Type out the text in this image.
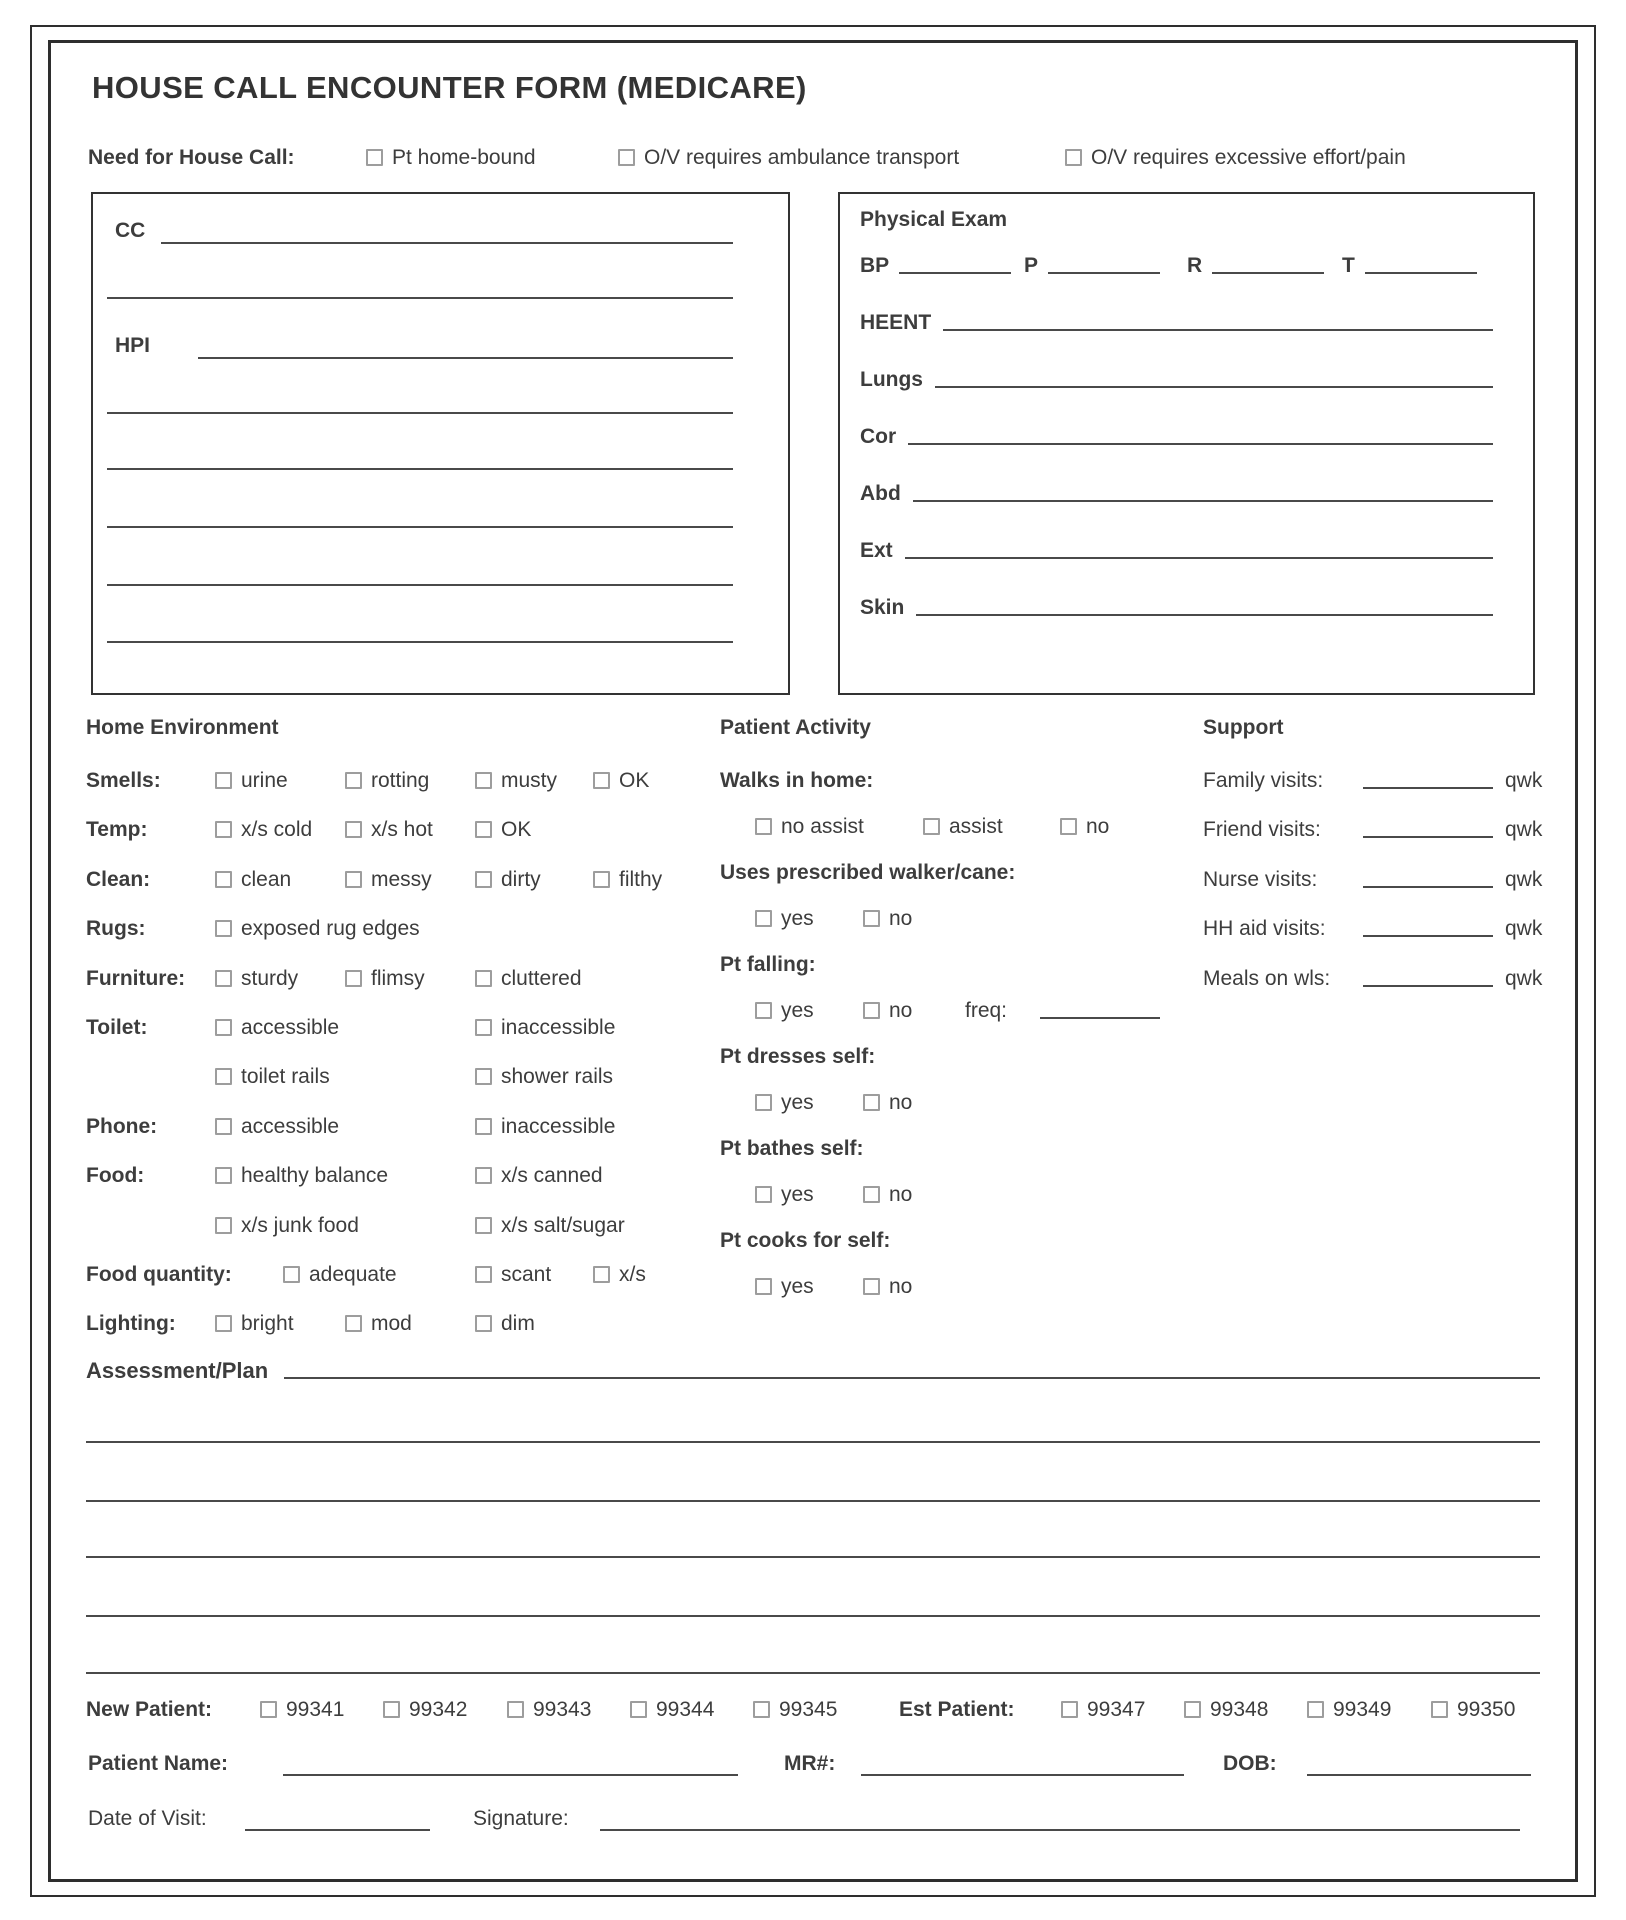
HOUSE CALL ENCOUNTER FORM (MEDICARE)
Need for House Call:	Pt home-bound	O/V requires ambulance transport	O/V requires excessive effort/pain
CC
HPI
Physical Exam
BP	P	R	T
HEENT
Lungs
Cor
Abd
Ext
Skin
Home Environment
Smells:	urine	rotting	musty	OK
Temp:	x/s cold	x/s hot	OK
Clean:	clean	messy	dirty	filthy
Rugs:	exposed rug edges
Furniture:	sturdy	flimsy	cluttered
Toilet:	accessible	inaccessible
toilet rails	shower rails
Phone:	accessible	inaccessible
Food:	healthy balance	x/s canned
x/s junk food	x/s salt/sugar
Food quantity:	adequate	scant	x/s
Lighting:	bright	mod	dim
Patient Activity
Walks in home:
no assist	assist	no
Uses prescribed walker/cane:
yes	no
Pt falling:
yes	no	freq:
Pt dresses self:
yes	no
Pt bathes self:
yes	no
Pt cooks for self:
yes	no
Support
Family visits:	qwk
Friend visits:	qwk
Nurse visits:	qwk
HH aid visits:	qwk
Meals on wls:	qwk
Assessment/Plan
New Patient:	99341	99342	99343	99344	99345	Est Patient:	99347	99348	99349	99350
Patient Name:	MR#:	DOB:
Date of Visit:	Signature:
